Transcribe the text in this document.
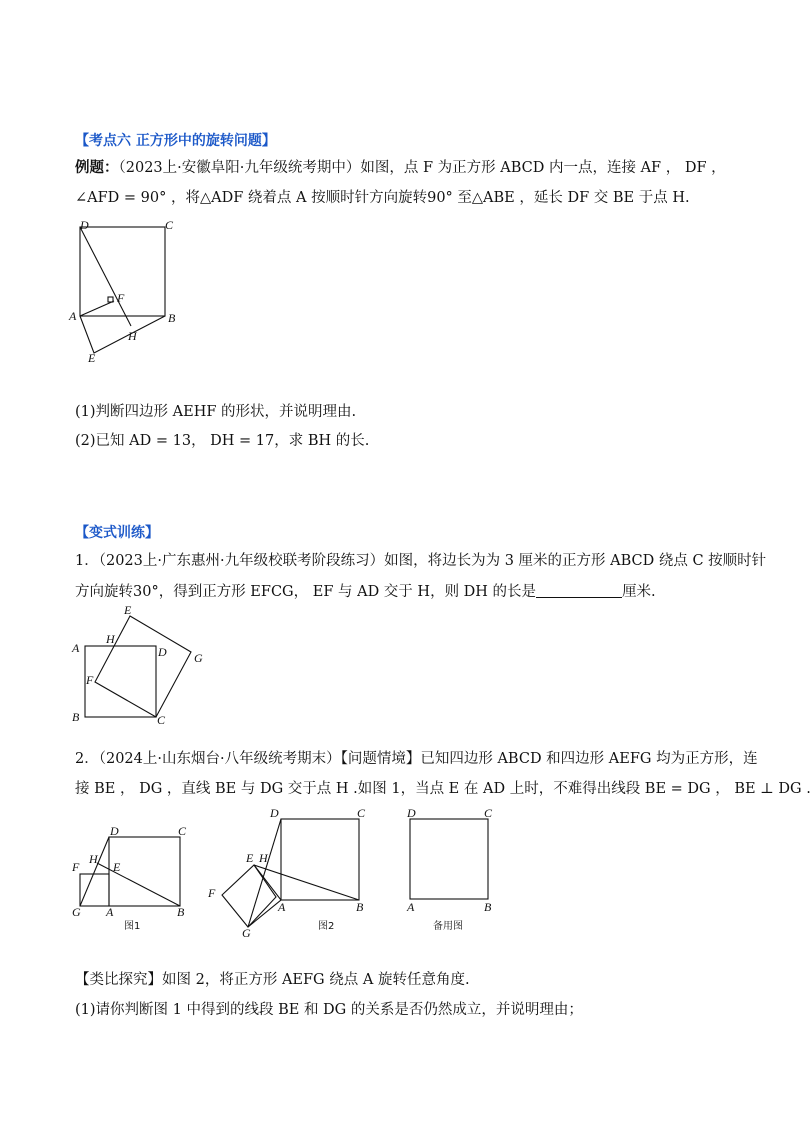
【考点六 正方形中的旋转问题】
例题：（2023上·安徽阜阳·九年级统考期中）如图，点 F 为正方形 ABCD 内一点，连接 AF ， DF ，
∠AFD = 90° ，将△ADF 绕着点 A 按顺时针方向旋转90° 至△ABE ，延长 DF 交 BE 于点 H.
D	C
F
A	B
H
E
(1)判断四边形 AEHF 的形状，并说明理由.
(2)已知 AD = 13， DH = 17，求 BH 的长.
【变式训练】
1．（2023上·广东惠州·九年级校联考阶段练习）如图，将边长为为 3 厘米的正方形 ABCD 绕点 C 按顺时针
方向旋转30°，得到正方形 EFCG， EF 与 AD 交于 H，则 DH 的长是	厘米.
E
H
A	D G
F
B	C
2．（2024上·山东烟台·八年级统考期末）【问题情境】已知四边形 ABCD 和四边形 AEFG 均为正方形，连
接 BE ， DG ，直线 BE 与 DG 交于点 H .如图 1，当点 E 在 AD 上时，不难得出线段 BE = DG ， BE ⊥ DG .
D	C
H
E
F
G A	B
图1
D	C
E H
F
A	B
G	图2
D	C
A	B
备用图
【类比探究】如图 2，将正方形 AEFG 绕点 A 旋转任意角度.
(1)请你判断图 1 中得到的线段 BE 和 DG 的关系是否仍然成立，并说明理由；
